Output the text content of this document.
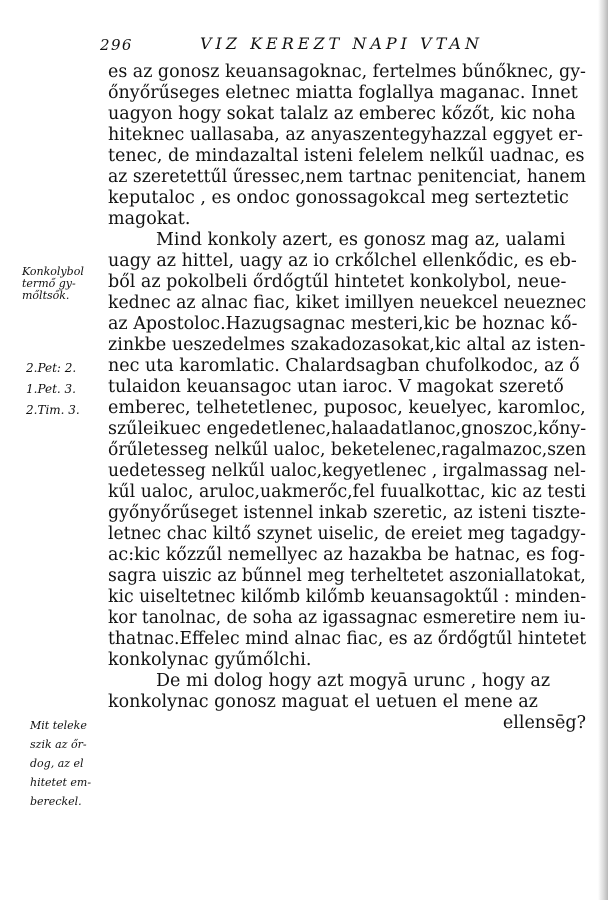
296	VIZ KEREZT NAPI VTAN
es az gonosz keuansagoknac, fertelmes bűnőknec, gy-
őnyőrűseges eletnec miatta foglallya maganac. Innet
uagyon hogy sokat talalz az emberec kőzőt, kic noha
hiteknec uallasaba, az anyaszentegyhazzal eggyet er-
tenec, de mindazaltal isteni felelem nelkűl uadnac, es
az szeretettűl űressec,nem tartnac penitenciat, hanem
keputaloc , es ondoc gonossagokcal meg serteztetic
magokat.
Mind konkoly azert, es gonosz mag az, ualami
uagy az hittel, uagy az io crkőlchel ellenkődic, es eb-
ből az pokolbeli őrdőgtűl hintetet konkolybol, neue-
kednec az alnac fiac, kiket imillyen neuekcel neueznec
az Apostoloc.Hazugsagnac mesteri,kic be hoznac kő-
zinkbe ueszedelmes szakadozasokat,kic altal az isten-
nec uta karomlatic. Chalardsagban chufolkodoc, az ő
tulaidon keuansagoc utan iaroc. V magokat szerető
emberec, telhetetlenec, puposoc, keuelyec, karomloc,
szűleikuec engedetlenec,halaadatlanoc,gnoszoc,kőny-
őrűletesseg nelkűl ualoc, beketelenec,ragalmazoc,szen
uedetesseg nelkűl ualoc,kegyetlenec , irgalmassag nel-
kűl ualoc, aruloc,uakmerőc,fel fuualkottac, kic az testi
győnyőrűseget istennel inkab szeretic, az isteni tiszte-
letnec chac kiltő szynet uiselic, de ereiet meg tagadgy-
ac:kic kőzzűl nemellyec az hazakba be hatnac, es fog-
sagra uiszic az bűnnel meg terheltetet aszoniallatokat,
kic uiseltetnec kilőmb kilőmb keuansagoktűl : minden-
kor tanolnac, de soha az igassagnac esmeretire nem iu-
thatnac.Effelec mind alnac fiac, es az őrdőgtűl hintetet
konkolynac gyűmőlchi.
De mi dolog hogy azt mogyā urunc , hogy az
konkolynac gonosz maguat el uetuen el mene az
ellensēg?
Konkolybol
termő gy-
mőltsők.
2.Pet: 2.
1.Pet. 3.
2.Tim. 3.
Mit teleke
szik az őr-
dog, az el
hitetet em-
bereckel.
